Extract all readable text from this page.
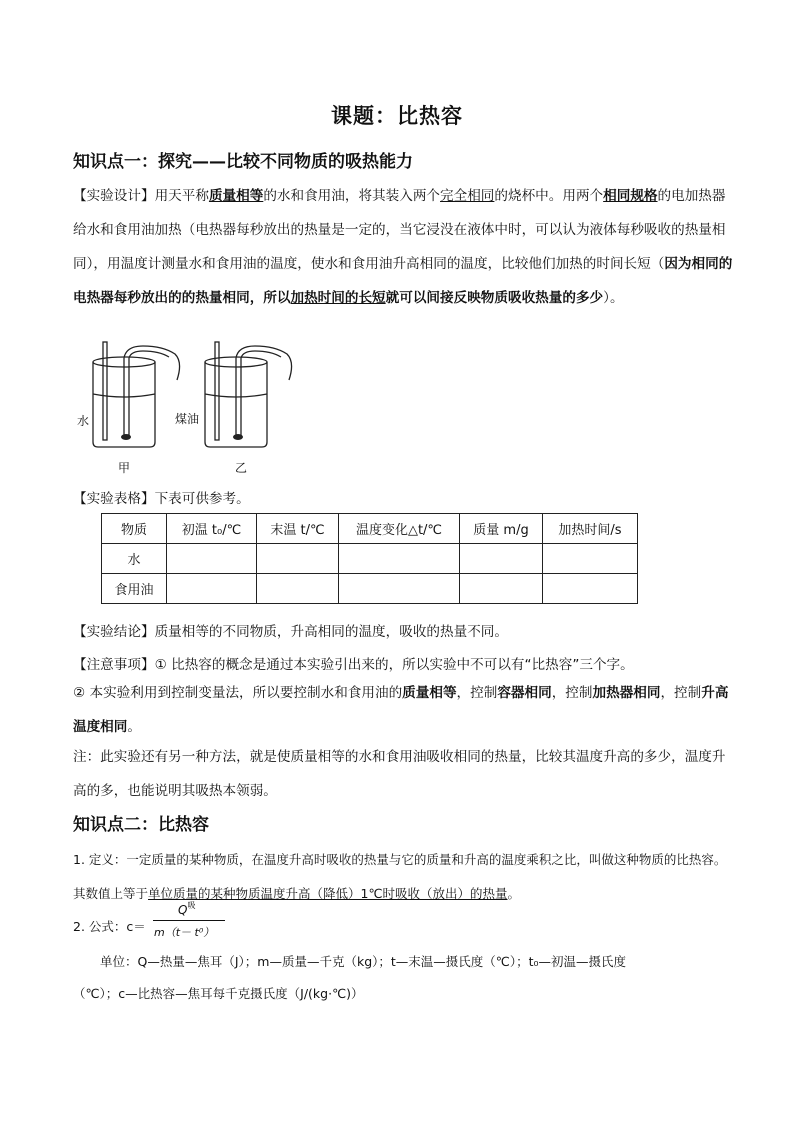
课题：比热容
知识点一：探究——比较不同物质的吸热能力
【实验设计】用天平称质量相等的水和食用油，将其装入两个完全相同的烧杯中。用两个相同规格的电加热器给水和食用油加热（电热器每秒放出的热量是一定的，当它浸没在液体中时，可以认为液体每秒吸收的热量相同），用温度计测量水和食用油的温度，使水和食用油升高相同的温度，比较他们加热的时间长短（因为相同的电热器每秒放出的的热量相同，所以加热时间的长短就可以间接反映物质吸收热量的多少）。
水	煤油
甲	乙
【实验表格】下表可供参考。
物质	初温 t₀/℃	末温 t/℃	温度变化△t/℃	质量 m/g	加热时间/s
水					
食用油					
【实验结论】质量相等的不同物质，升高相同的温度，吸收的热量不同。
【注意事项】① 比热容的概念是通过本实验引出来的，所以实验中不可以有“比热容”三个字。
② 本实验利用到控制变量法，所以要控制水和食用油的质量相等，控制容器相同，控制加热器相同，控制升高温度相同。
注：此实验还有另一种方法，就是使质量相等的水和食用油吸收相同的热量，比较其温度升高的多少，温度升高的多，也能说明其吸热本领弱。
知识点二：比热容
1. 定义：一定质量的某种物质，在温度升高时吸收的热量与它的质量和升高的温度乘积之比，叫做这种物质的比热容。其数值上等于单位质量的某种物质温度升高（降低）1℃时吸收（放出）的热量。
2. 公式：c＝
$Q^吸$
m（t－ t⁰）
单位：Q—热量—焦耳（J）；m—质量—千克（kg）；t—末温—摄氏度（℃）；t₀—初温—摄氏度
（℃）；c—比热容—焦耳每千克摄氏度（J/(kg·℃)）
